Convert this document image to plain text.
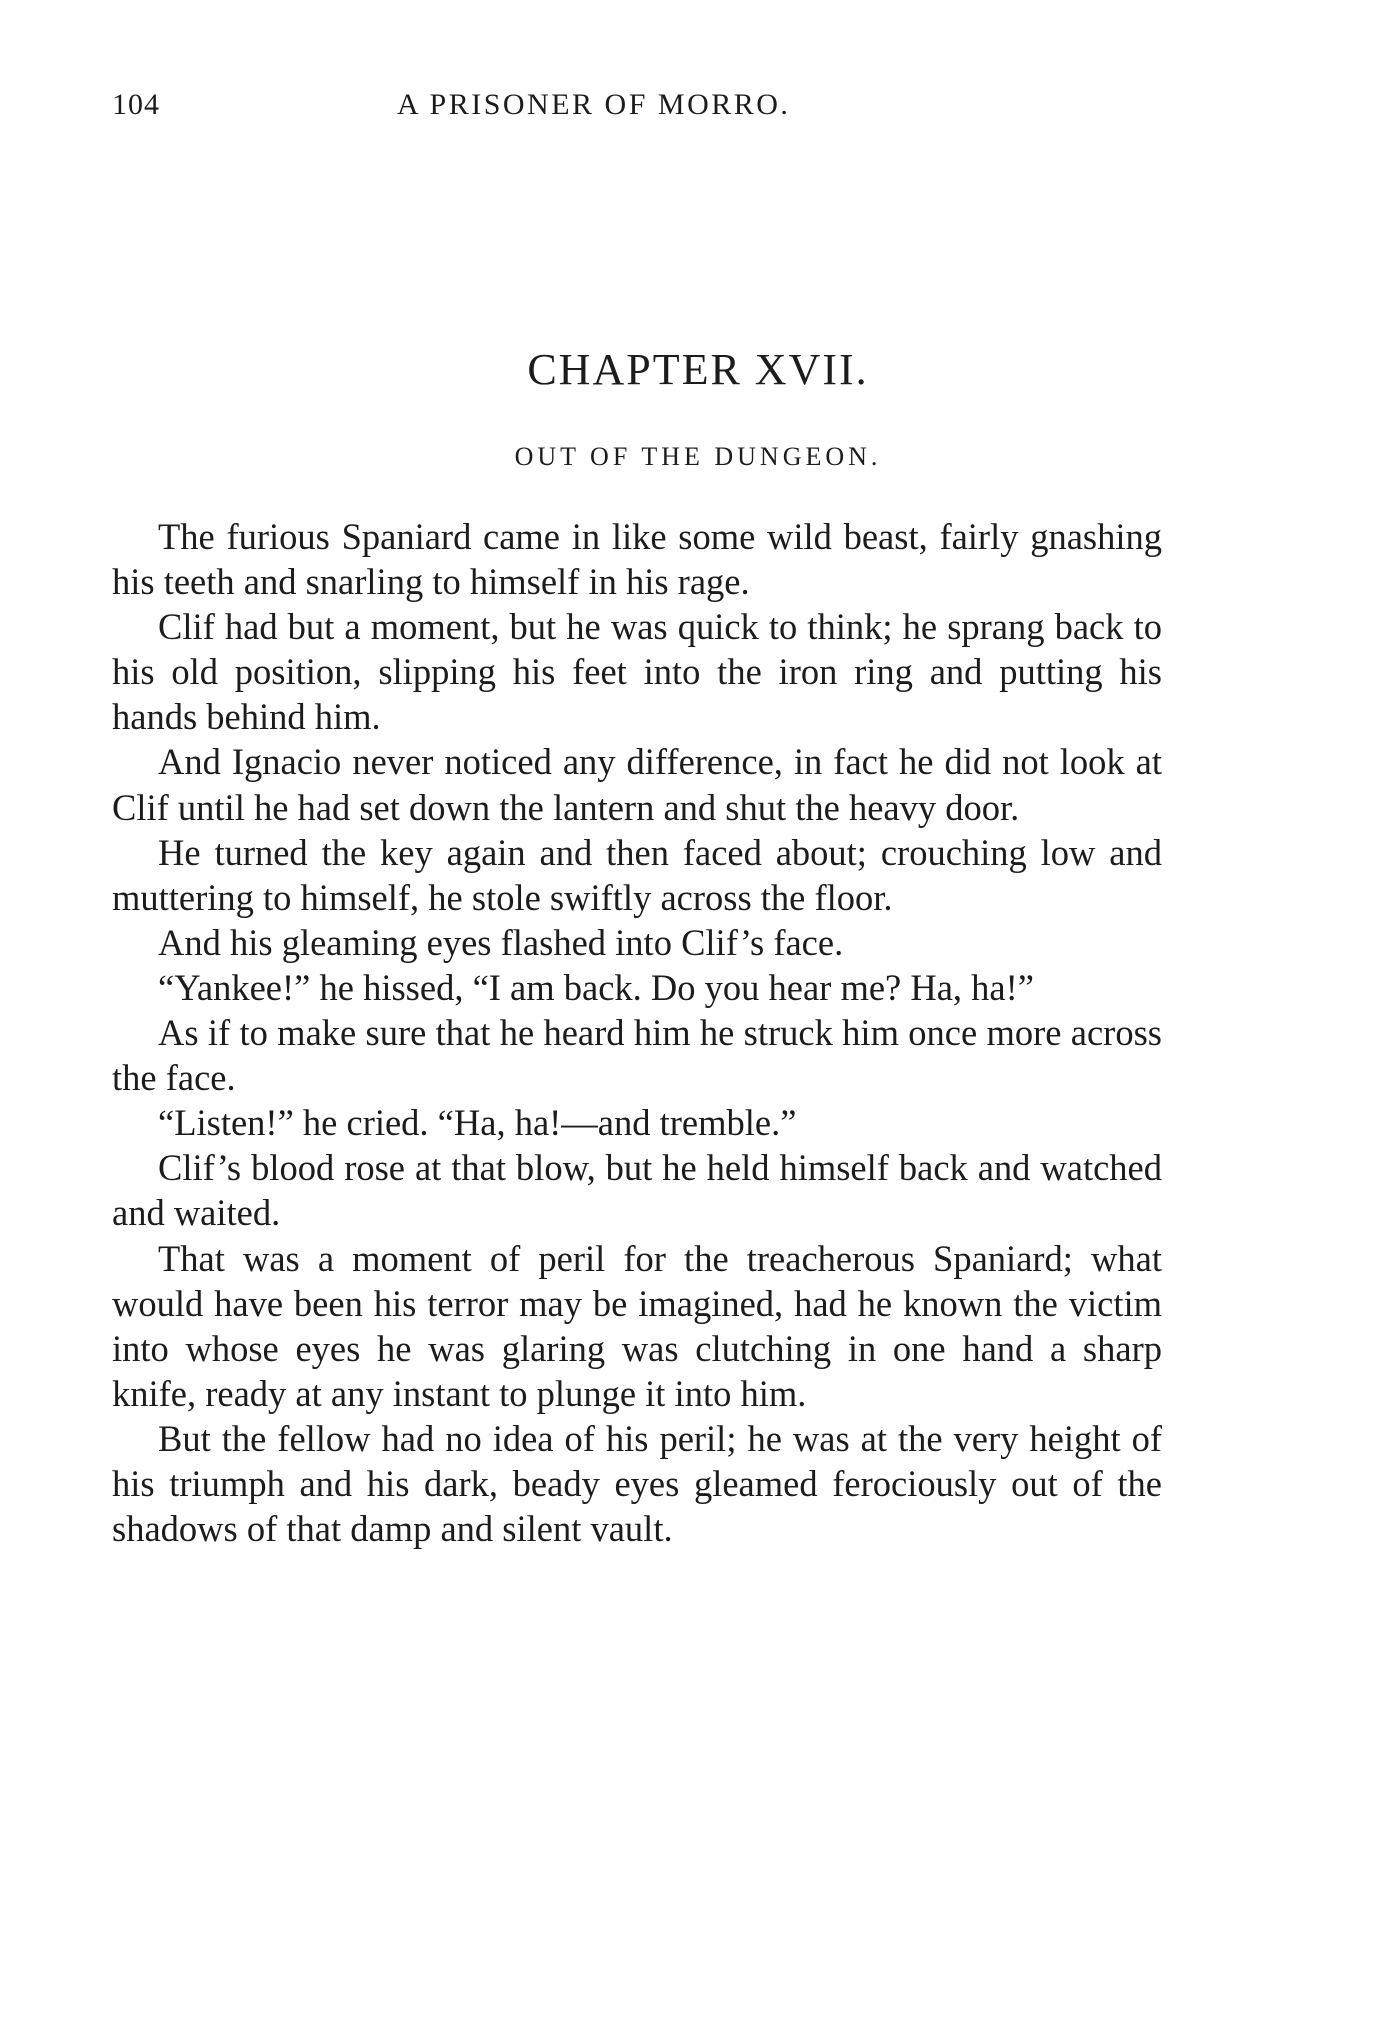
104	A PRISONER OF MORRO.
CHAPTER XVII.
OUT OF THE DUNGEON.

The furious Spaniard came in like some wild beast, fairly gnashing his teeth and snarling to himself in his rage.

Clif had but a moment, but he was quick to think; he sprang back to his old position, slipping his feet into the iron ring and putting his hands behind him.

And Ignacio never noticed any difference, in fact he did not look at Clif until he had set down the lantern and shut the heavy door.

He turned the key again and then faced about; crouching low and muttering to himself, he stole swiftly across the floor.

And his gleaming eyes flashed into Clif’s face.

“Yankee!” he hissed, “I am back. Do you hear me? Ha, ha!”

As if to make sure that he heard him he struck him once more across the face.

“Listen!” he cried. “Ha, ha!—and tremble.”

Clif’s blood rose at that blow, but he held himself back and watched and waited.

That was a moment of peril for the treacherous Spaniard; what would have been his terror may be imagined, had he known the victim into whose eyes he was glaring was clutching in one hand a sharp knife, ready at any instant to plunge it into him.

But the fellow had no idea of his peril; he was at the very height of his triumph and his dark, beady eyes gleamed ferociously out of the shadows of that damp and silent vault.
